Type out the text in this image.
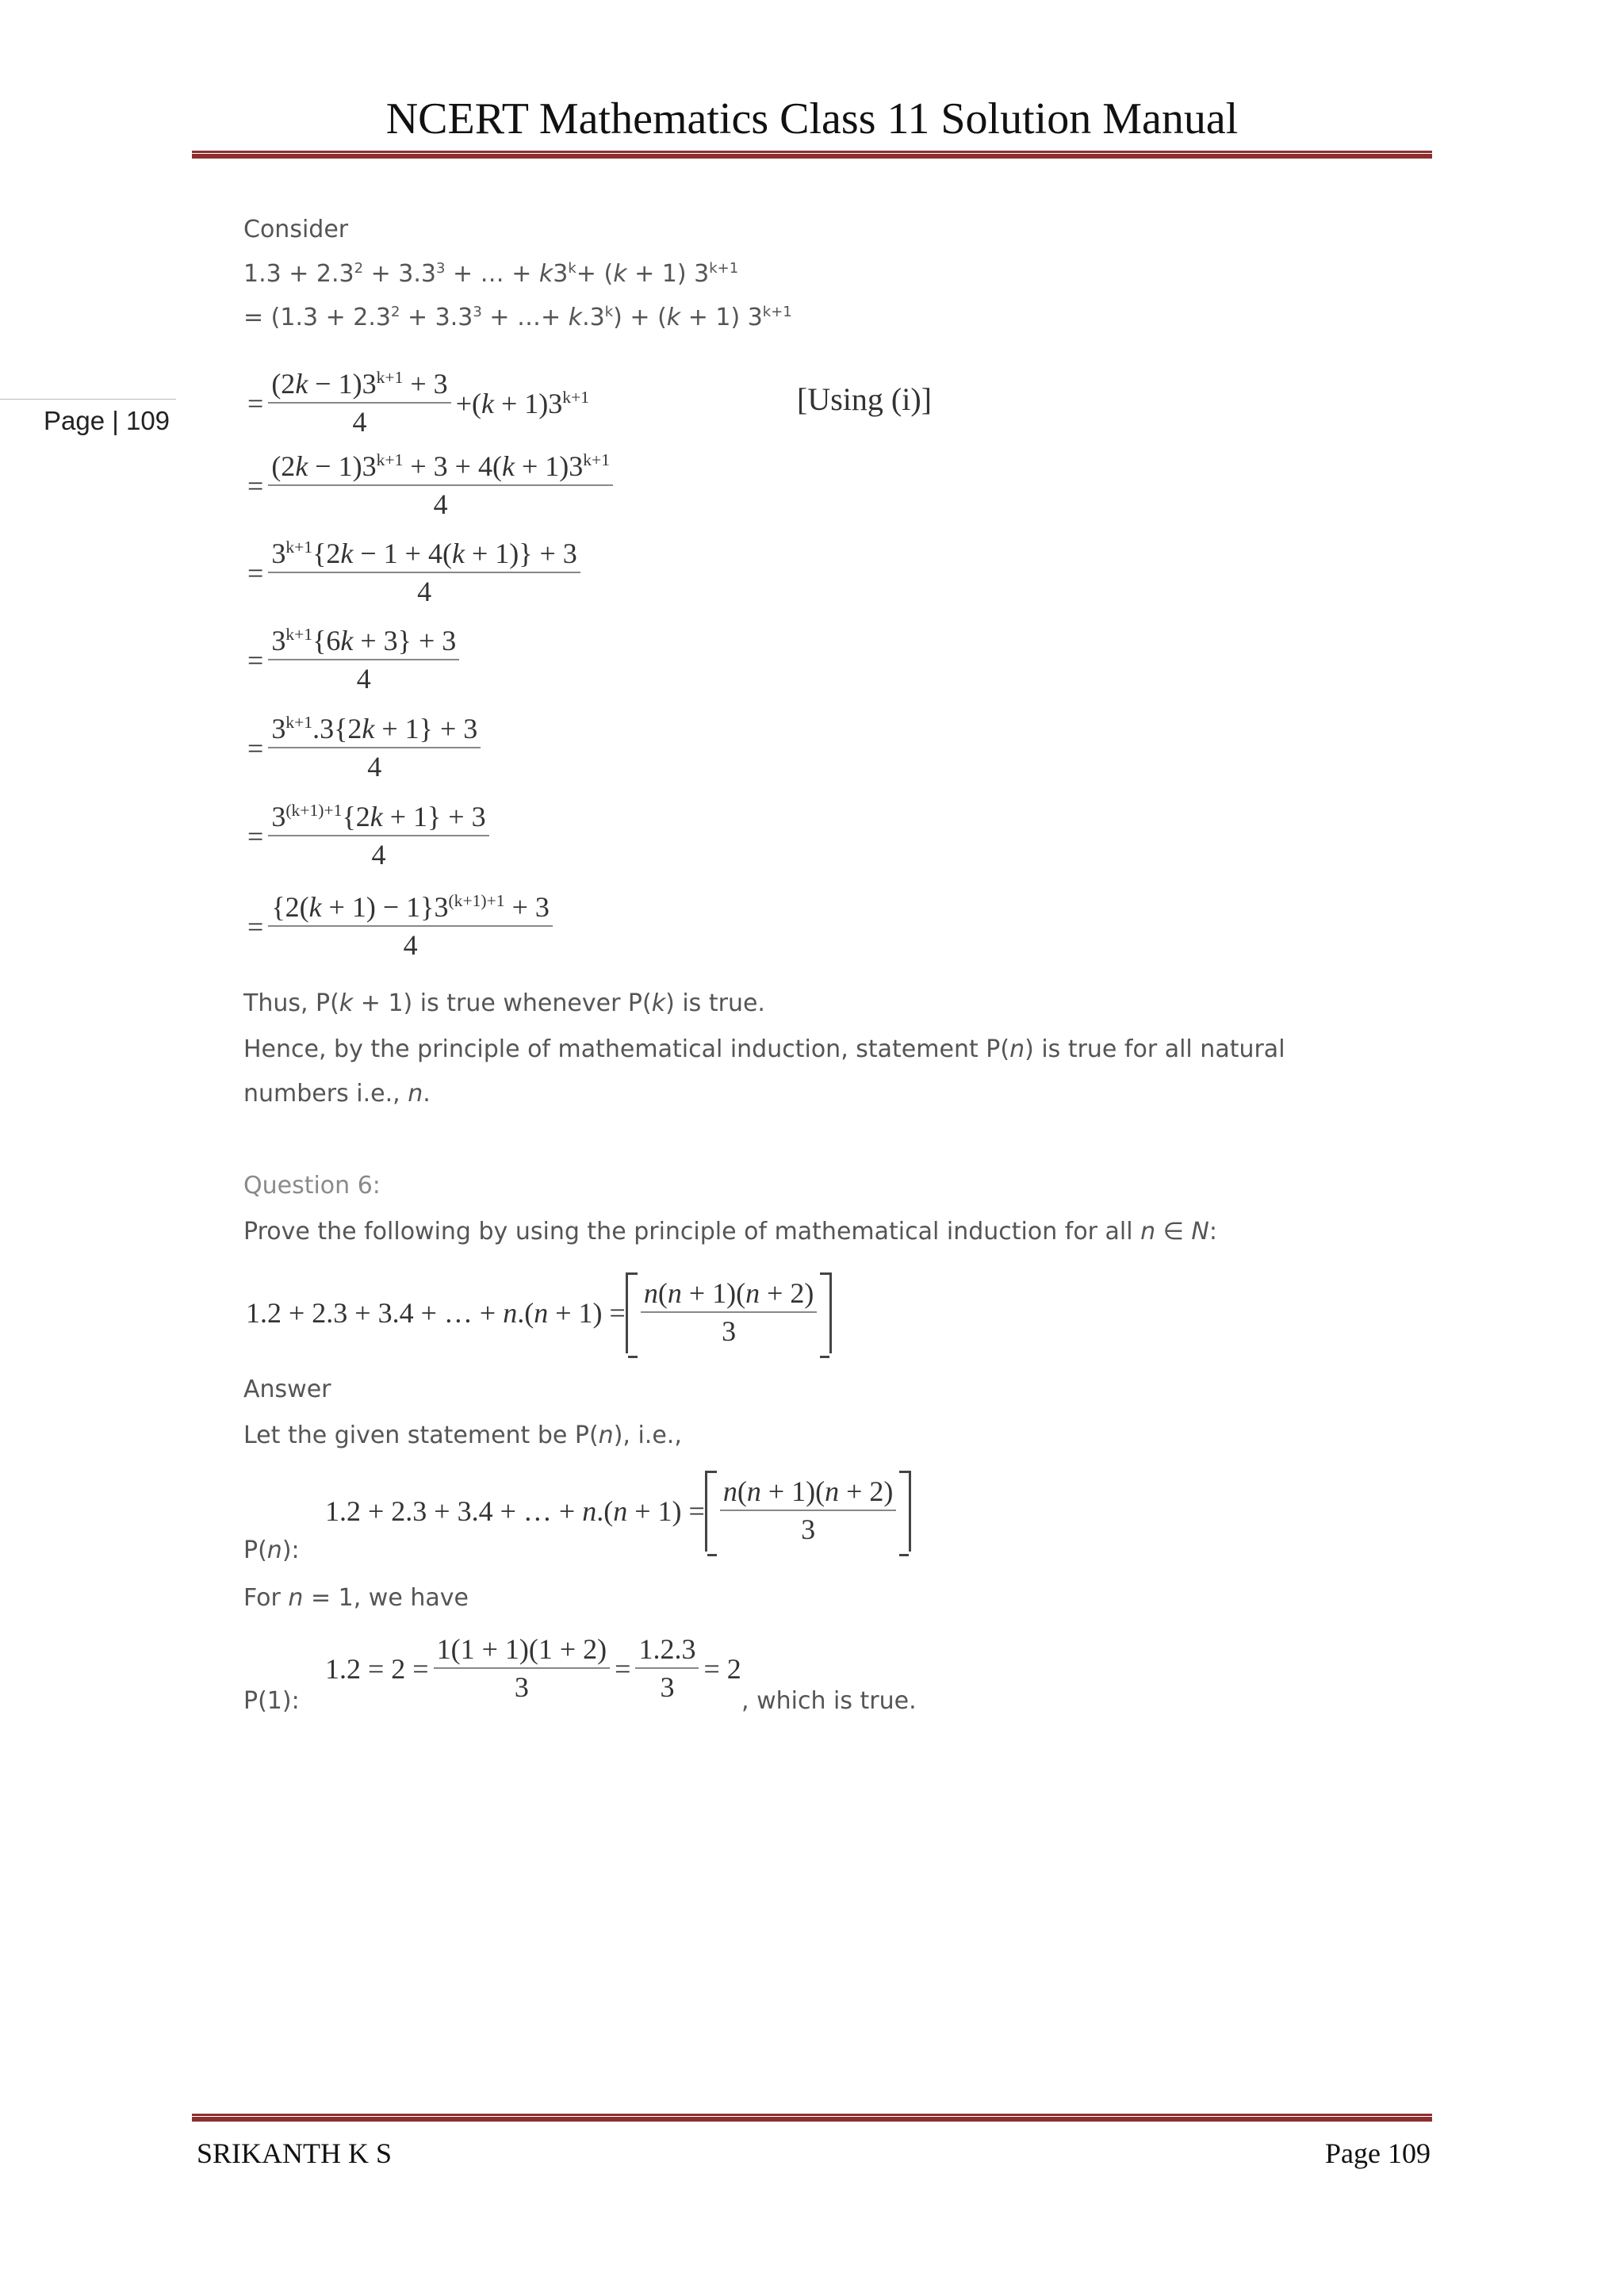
NCERT Mathematics Class 11 Solution Manual
Page | 109
Consider
$1.3 + 2.3^2 + 3.3^3$ + … + $k3^k+ (k + 1)$ $3^{k+1}$
= ($1.3 + 2.3^2 + 3.3^3$ + …+ $k.3^k) + (k + 1)$ $3^{k+1}$
= $\frac{(2k - 1)3^{k+1} + 3}{4} +(k + 1)3^{k+1}$	[Using (i)]
= $\frac{(2k - 1)3^{k+1} + 3 + 4(k + 1)3^{k+1}}{4}$
= $\frac{3^{k+1}\{2k - 1 + 4(k + 1)\} + 3}{4}$
= $\frac{3^{k+1}\{6k + 3\} + 3}{4}$
= $\frac{3^{k+1}.3\{2k + 1\} + 3}{4}$
= $\frac{3^{(k+1)+1}\{2k + 1\} + 3}{4}$
= $\frac{\{2(k + 1) - 1\}3^{(k+1)+1} + 3}{4}$
Thus, P(k + 1) is true whenever P(k) is true.
Hence, by the principle of mathematical induction, statement P(n) is true for all natural
numbers i.e., n.
Question 6:
Prove the following by using the principle of mathematical induction for all n ∈ N:
1.2 + 2.3 + 3.4 + … + $n.(n + 1) = \frac{n(n + 1)(n + 2)}{3}$
Answer
Let the given statement be P(n), i.e.,
1.2 + 2.3 + 3.4 + … + $n.(n + 1) = \frac{n(n + 1)(n + 2)}{3}$
P(n):
For n = 1, we have
$1.2 = 2 = \frac{1(1 + 1)(1 + 2)}{3} = \frac{1.2.3}{3} = 2$
P(1):	, which is true.
SRIKANTH K S	Page 109
